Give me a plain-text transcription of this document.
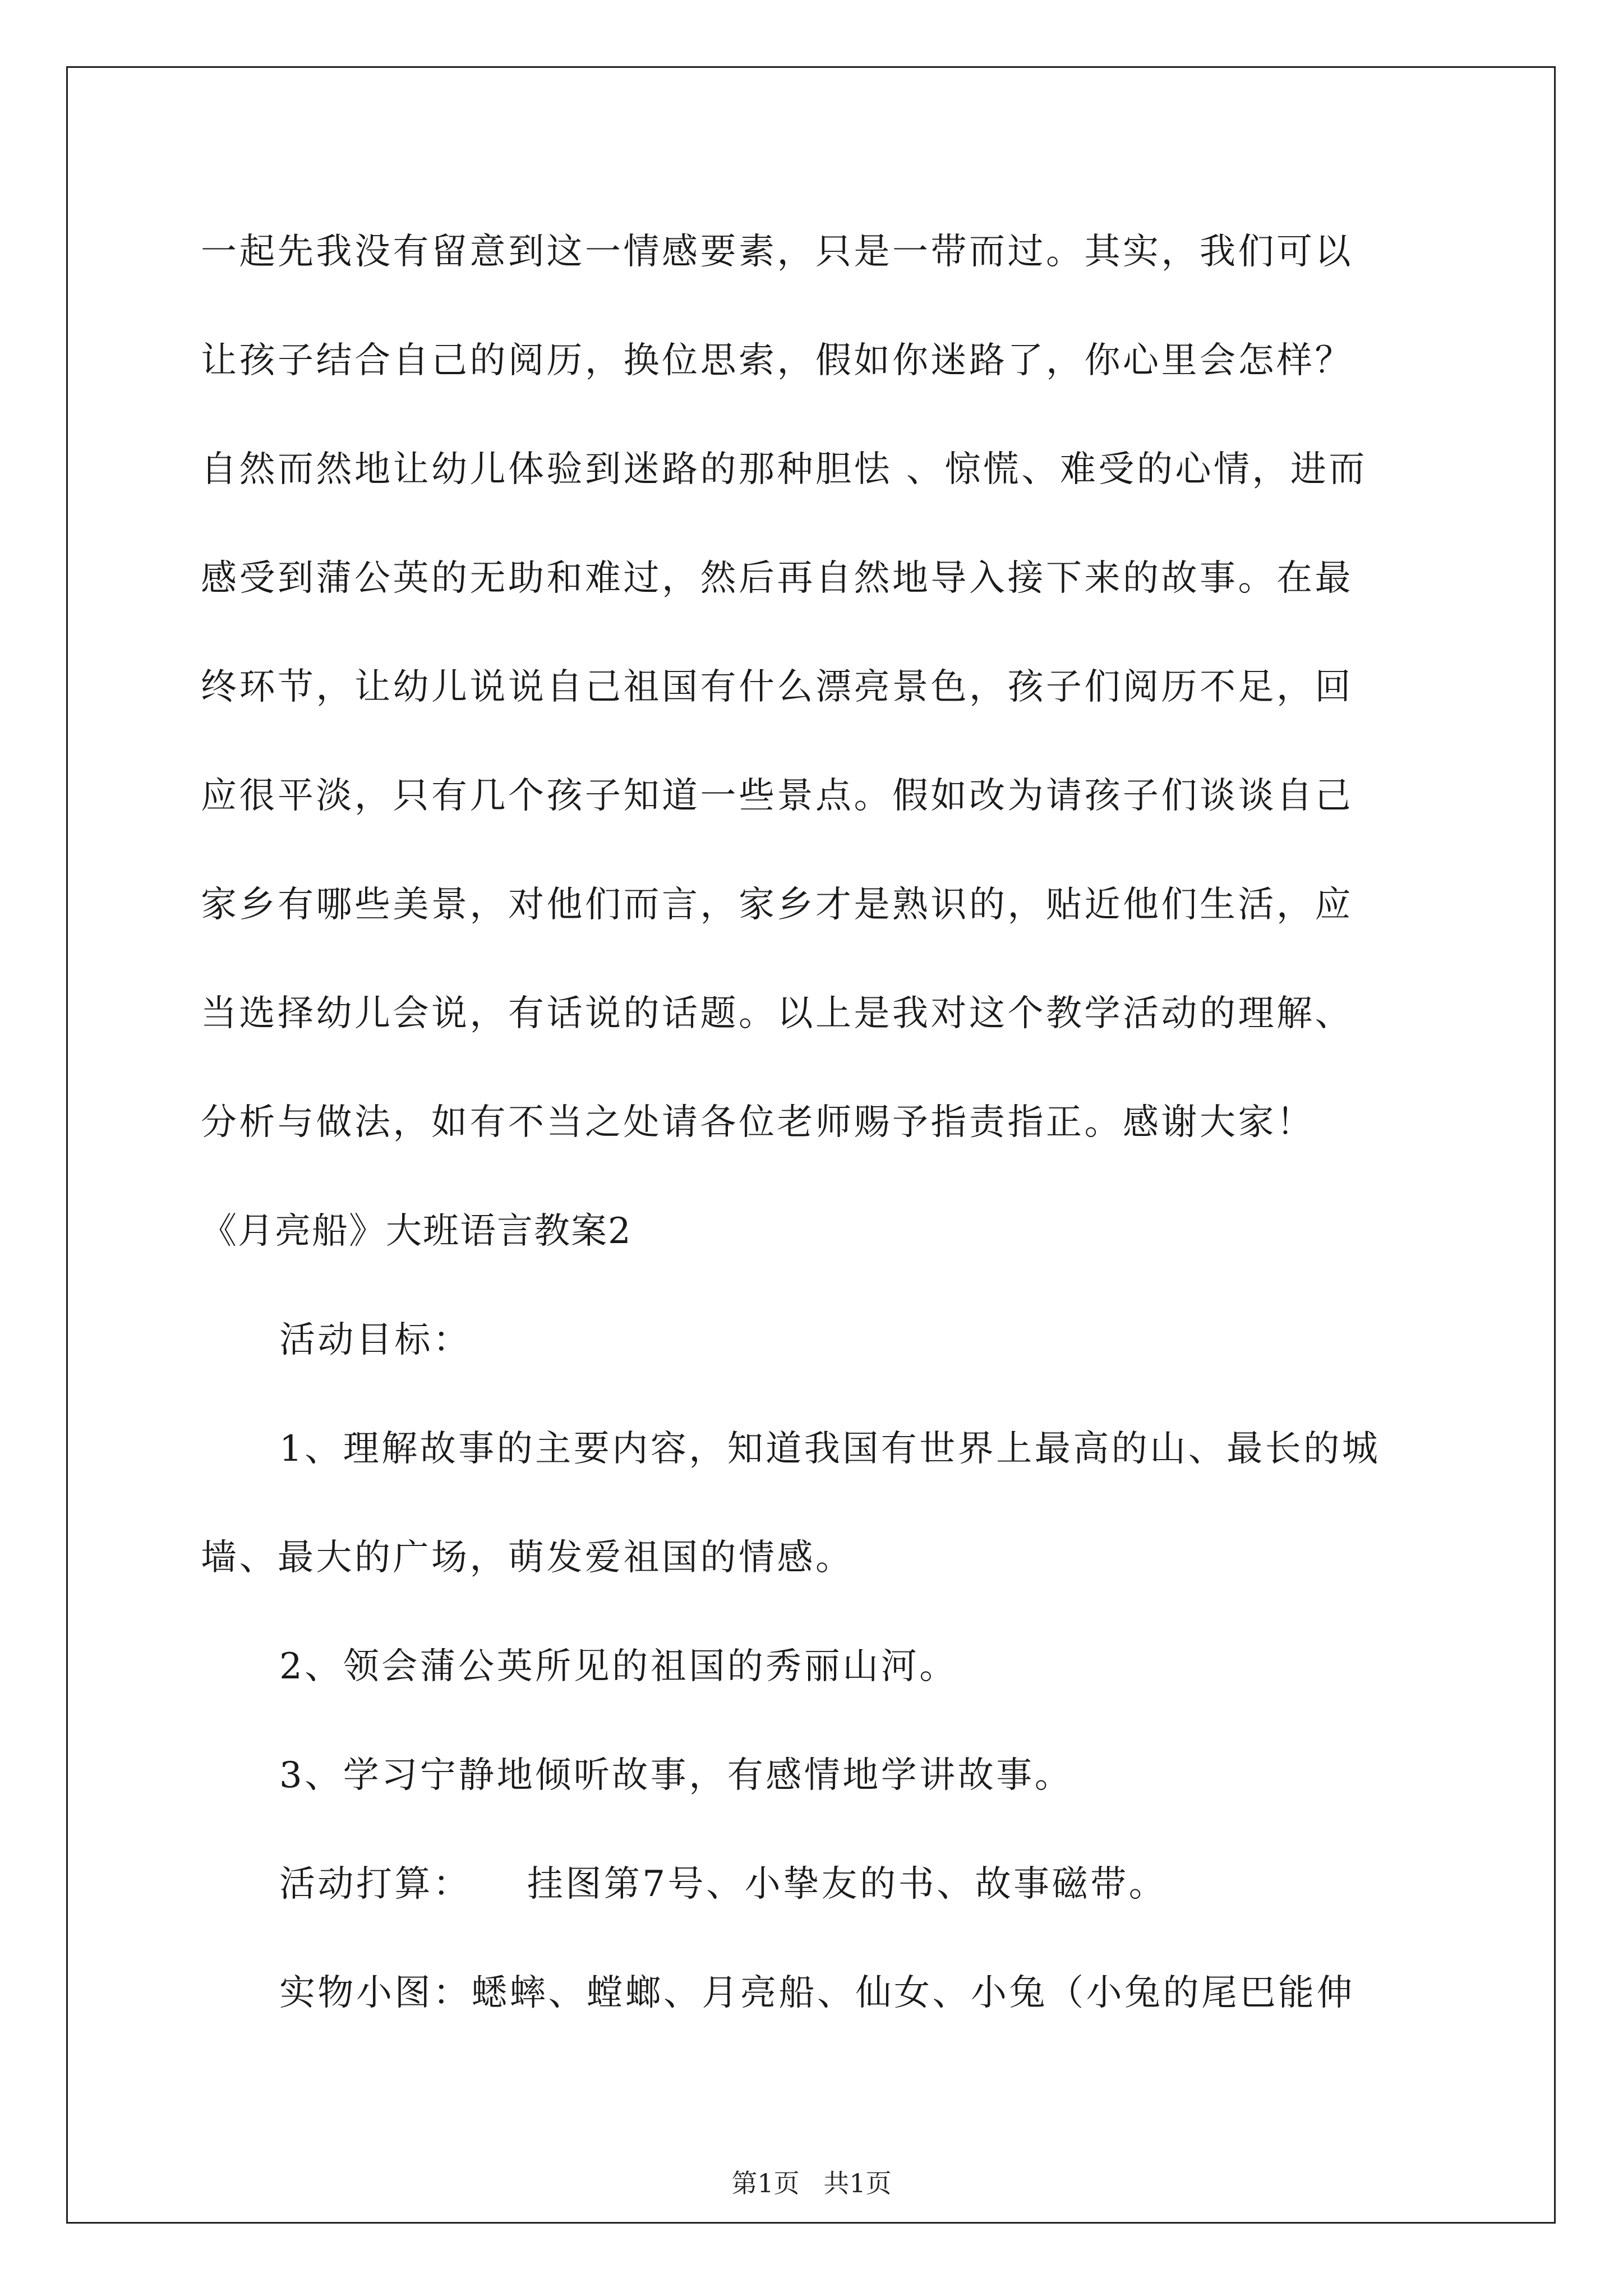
一起先我没有留意到这一情感要素，只是一带而过。其实，我们可以
让孩子结合自己的阅历，换位思索，假如你迷路了，你心里会怎样？
自然而然地让幼儿体验到迷路的那种胆怯 、惊慌、难受的心情，进而
感受到蒲公英的无助和难过，然后再自然地导入接下来的故事。在最
终环节，让幼儿说说自己祖国有什么漂亮景色，孩子们阅历不足，回
应很平淡，只有几个孩子知道一些景点。假如改为请孩子们谈谈自己
家乡有哪些美景，对他们而言，家乡才是熟识的，贴近他们生活，应
当选择幼儿会说，有话说的话题。以上是我对这个教学活动的理解、
分析与做法，如有不当之处请各位老师赐予指责指正。感谢大家！
《月亮船》大班语言教案2
活动目标：
1、理解故事的主要内容，知道我国有世界上最高的山、最长的城
墙、最大的广场，萌发爱祖国的情感。
2、领会蒲公英所见的祖国的秀丽山河。
3、学习宁静地倾听故事，有感情地学讲故事。
活动打算：    挂图第7号、小挚友的书、故事磁带。
实物小图：蟋蟀、螳螂、月亮船、仙女、小兔（小兔的尾巴能伸
第1页 共1页
